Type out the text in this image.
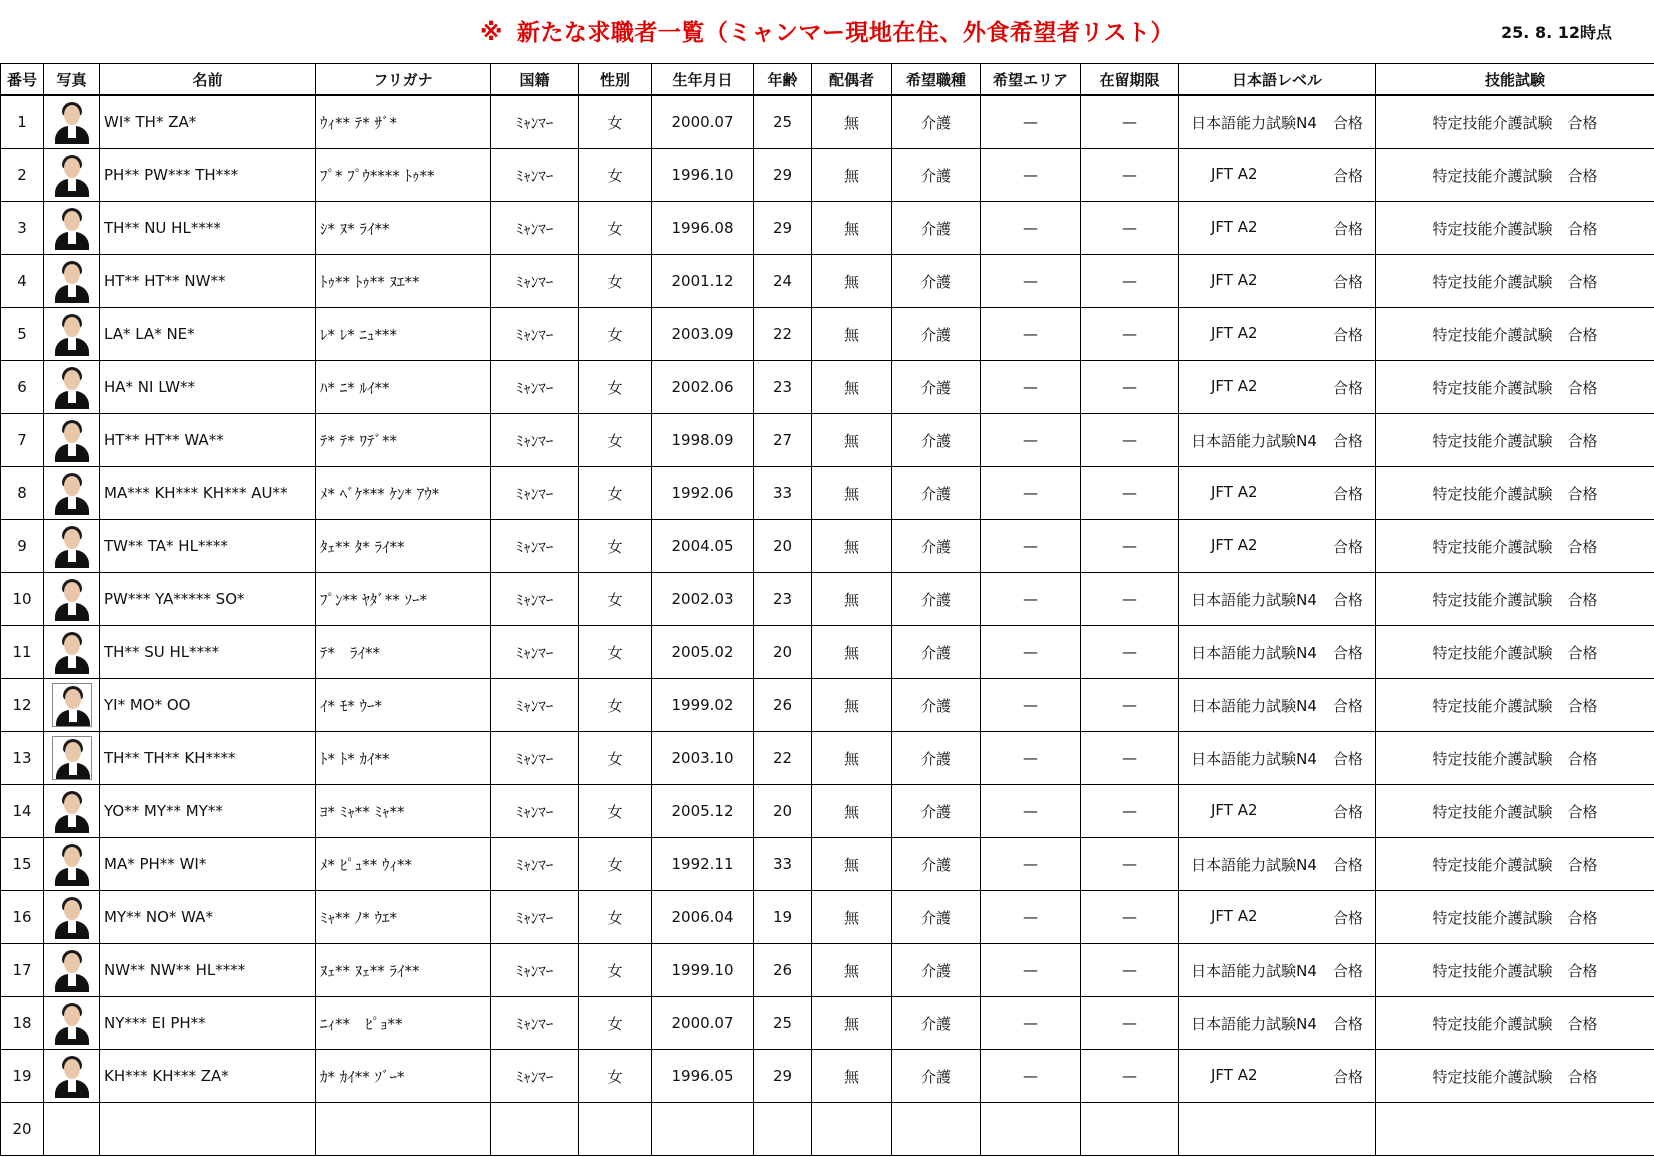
※ 新たな求職者一覧（ミャンマー現地在住、外食希望者リスト）	25. 8. 12時点
番号	写真	名前	フリガナ	国籍	性別	生年月日	年齢	配偶者	希望職種	希望エリア	在留期限	日本語レベル	技能試験
1		WI* TH* ZA*	ｳｨ** ﾃ* ｻﾞ*	ﾐｬﾝﾏｰ	女	2000.07	25	無	介護	—	—	日本語能力試験N4 合格	特定技能介護試験　合格
2		PH** PW*** TH***	ﾌﾟ* ﾌﾟｳ**** ﾄｩ**	ﾐｬﾝﾏｰ	女	1996.10	29	無	介護	—	—	JFT A2 合格	特定技能介護試験　合格
3		TH** NU HL****	ｼ* ﾇ* ﾗｲ**	ﾐｬﾝﾏｰ	女	1996.08	29	無	介護	—	—	JFT A2 合格	特定技能介護試験　合格
4		HT** HT** NW**	ﾄｩ** ﾄｩ** ﾇｴ**	ﾐｬﾝﾏｰ	女	2001.12	24	無	介護	—	—	JFT A2 合格	特定技能介護試験　合格
5		LA* LA* NE*	ﾚ* ﾚ* ﾆｭ***	ﾐｬﾝﾏｰ	女	2003.09	22	無	介護	—	—	JFT A2 合格	特定技能介護試験　合格
6		HA* NI LW**	ﾊ* ﾆ* ﾙｲ**	ﾐｬﾝﾏｰ	女	2002.06	23	無	介護	—	—	JFT A2 合格	特定技能介護試験　合格
7		HT** HT** WA**	ﾃ* ﾃ* ﾜﾃﾞ**	ﾐｬﾝﾏｰ	女	1998.09	27	無	介護	—	—	日本語能力試験N4 合格	特定技能介護試験　合格
8		MA*** KH*** KH*** AU**	ﾒ* ﾍﾞｹ*** ｹﾝ* ｱｳ*	ﾐｬﾝﾏｰ	女	1992.06	33	無	介護	—	—	JFT A2 合格	特定技能介護試験　合格
9		TW** TA* HL****	ﾀｪ** ﾀ* ﾗｲ**	ﾐｬﾝﾏｰ	女	2004.05	20	無	介護	—	—	JFT A2 合格	特定技能介護試験　合格
10		PW*** YA***** SO*	ﾌﾟﾝ** ﾔﾀﾞ** ｿｰ*	ﾐｬﾝﾏｰ	女	2002.03	23	無	介護	—	—	日本語能力試験N4 合格	特定技能介護試験　合格
11		TH** SU HL****	ﾃ*　ﾗｲ**	ﾐｬﾝﾏｰ	女	2005.02	20	無	介護	—	—	日本語能力試験N4 合格	特定技能介護試験　合格
12		YI* MO* OO	ｲ* ﾓ* ｳｰ*	ﾐｬﾝﾏｰ	女	1999.02	26	無	介護	—	—	日本語能力試験N4 合格	特定技能介護試験　合格
13		TH** TH** KH****	ﾄ* ﾄ* ｶｲ**	ﾐｬﾝﾏｰ	女	2003.10	22	無	介護	—	—	日本語能力試験N4 合格	特定技能介護試験　合格
14		YO** MY** MY**	ﾖ* ﾐｬ** ﾐｬ**	ﾐｬﾝﾏｰ	女	2005.12	20	無	介護	—	—	JFT A2 合格	特定技能介護試験　合格
15		MA* PH** WI*	ﾒ* ﾋﾟｭ** ｳｨ**	ﾐｬﾝﾏｰ	女	1992.11	33	無	介護	—	—	日本語能力試験N4 合格	特定技能介護試験　合格
16		MY** NO* WA*	ﾐｬ** ﾉ* ｳｴ*	ﾐｬﾝﾏｰ	女	2006.04	19	無	介護	—	—	JFT A2 合格	特定技能介護試験　合格
17		NW** NW** HL****	ﾇｪ** ﾇｪ** ﾗｲ**	ﾐｬﾝﾏｰ	女	1999.10	26	無	介護	—	—	日本語能力試験N4 合格	特定技能介護試験　合格
18		NY*** EI PH**	ﾆｨ**　ﾋﾟｮ**	ﾐｬﾝﾏｰ	女	2000.07	25	無	介護	—	—	日本語能力試験N4 合格	特定技能介護試験　合格
19		KH*** KH*** ZA*	ｶ* ｶｲ** ｿﾞｰ*	ﾐｬﾝﾏｰ	女	1996.05	29	無	介護	—	—	JFT A2 合格	特定技能介護試験　合格
20													
